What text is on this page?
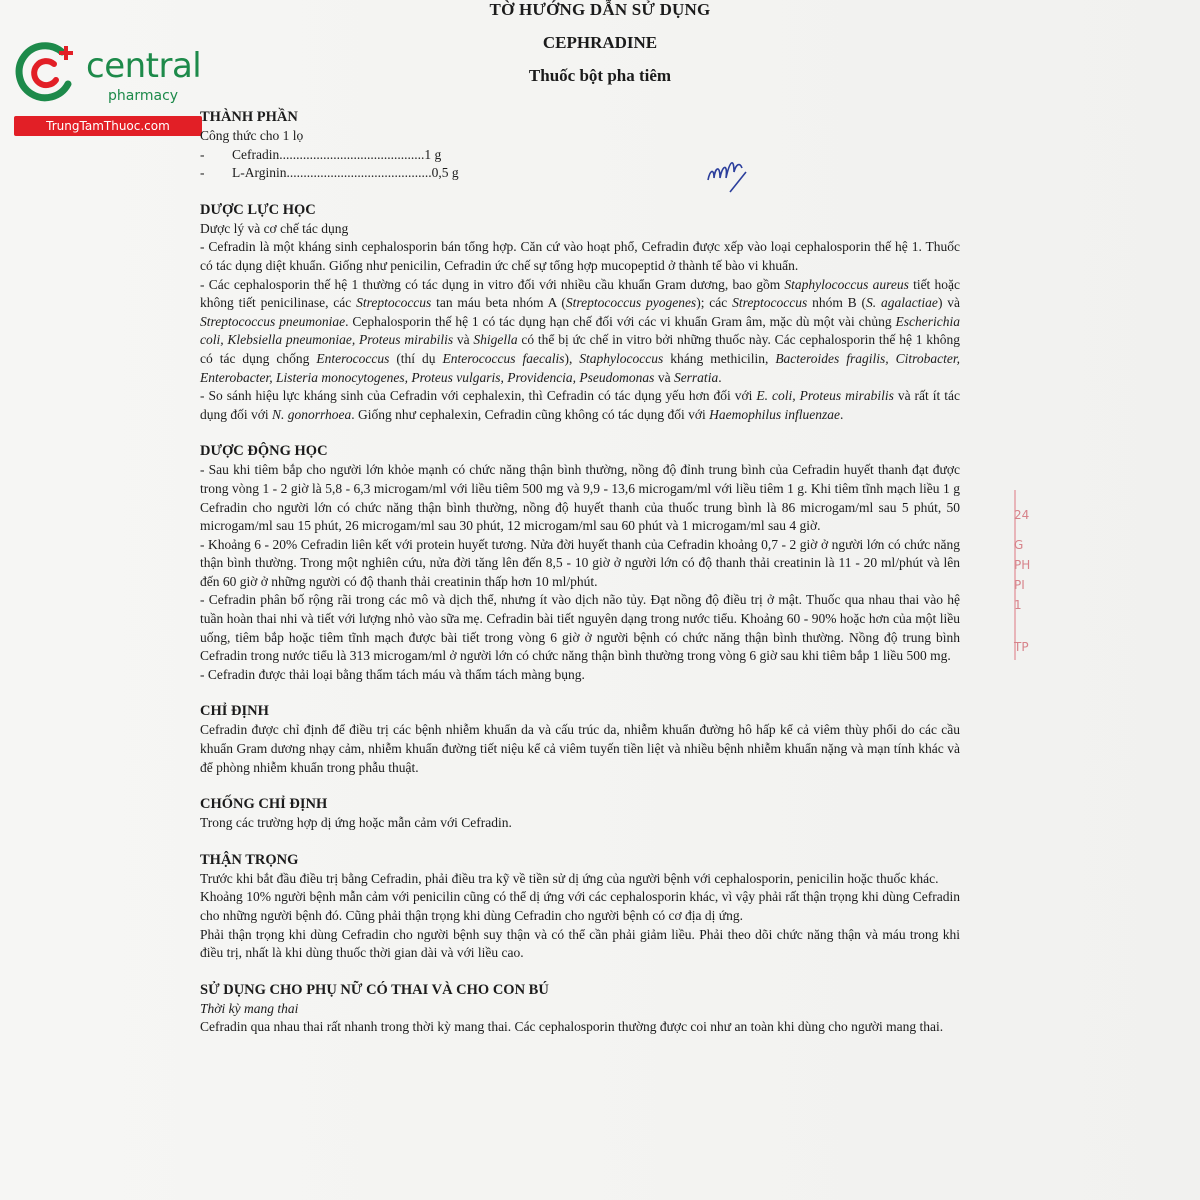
TỜ HƯỚNG DẪN SỬ DỤNG
CEPHRADINE
Thuốc bột pha tiêm
central
pharmacy
TrungTamThuoc.com
24
G
PH
PI
1
TP

THÀNH PHẦN

Công thức cho 1 lọ

-	Cefradin ........................................... 1 g
-	L-Arginin ........................................... 0,5 g

DƯỢC LỰC HỌC

Dược lý và cơ chế tác dụng

- Cefradin là một kháng sinh cephalosporin bán tổng hợp. Căn cứ vào hoạt phổ, Cefradin được xếp vào loại cephalosporin thế hệ 1. Thuốc có tác dụng diệt khuẩn. Giống như penicilin, Cefradin ức chế sự tổng hợp mucopeptid ở thành tế bào vi khuẩn.

- Các cephalosporin thế hệ 1 thường có tác dụng in vitro đối với nhiều cầu khuẩn Gram dương, bao gồm Staphylococcus aureus tiết hoặc không tiết penicilinase, các Streptococcus tan máu beta nhóm A (Streptococcus pyogenes); các Streptococcus nhóm B (S. agalactiae) và Streptococcus pneumoniae. Cephalosporin thế hệ 1 có tác dụng hạn chế đối với các vi khuẩn Gram âm, mặc dù một vài chủng Escherichia coli, Klebsiella pneumoniae, Proteus mirabilis và Shigella có thể bị ức chế in vitro bởi những thuốc này. Các cephalosporin thế hệ 1 không có tác dụng chống Enterococcus (thí dụ Enterococcus faecalis), Staphylococcus kháng methicilin, Bacteroides fragilis, Citrobacter, Enterobacter, Listeria monocytogenes, Proteus vulgaris, Providencia, Pseudomonas và Serratia.

- So sánh hiệu lực kháng sinh của Cefradin với cephalexin, thì Cefradin có tác dụng yếu hơn đối với E. coli, Proteus mirabilis và rất ít tác dụng đối với N. gonorrhoea. Giống như cephalexin, Cefradin cũng không có tác dụng đối với Haemophilus influenzae.

DƯỢC ĐỘNG HỌC

- Sau khi tiêm bắp cho người lớn khỏe mạnh có chức năng thận bình thường, nồng độ đỉnh trung bình của Cefradin huyết thanh đạt được trong vòng 1 - 2 giờ là 5,8 - 6,3 microgam/ml với liều tiêm 500 mg và 9,9 - 13,6 microgam/ml với liều tiêm 1 g. Khi tiêm tĩnh mạch liều 1 g Cefradin cho người lớn có chức năng thận bình thường, nồng độ huyết thanh của thuốc trung bình là 86 microgam/ml sau 5 phút, 50 microgam/ml sau 15 phút, 26 microgam/ml sau 30 phút, 12 microgam/ml sau 60 phút và 1 microgam/ml sau 4 giờ.

- Khoảng 6 - 20% Cefradin liên kết với protein huyết tương. Nửa đời huyết thanh của Cefradin khoảng 0,7 - 2 giờ ở người lớn có chức năng thận bình thường. Trong một nghiên cứu, nửa đời tăng lên đến 8,5 - 10 giờ ở người lớn có độ thanh thải creatinin là 11 - 20 ml/phút và lên đến 60 giờ ở những người có độ thanh thải creatinin thấp hơn 10 ml/phút.

- Cefradin phân bố rộng rãi trong các mô và dịch thể, nhưng ít vào dịch não tủy. Đạt nồng độ điều trị ở mật. Thuốc qua nhau thai vào hệ tuần hoàn thai nhi và tiết với lượng nhỏ vào sữa mẹ. Cefradin bài tiết nguyên dạng trong nước tiểu. Khoảng 60 - 90% hoặc hơn của một liều uống, tiêm bắp hoặc tiêm tĩnh mạch được bài tiết trong vòng 6 giờ ở người bệnh có chức năng thận bình thường. Nồng độ trung bình Cefradin trong nước tiểu là 313 microgam/ml ở người lớn có chức năng thận bình thường trong vòng 6 giờ sau khi tiêm bắp 1 liều 500 mg.

- Cefradin được thải loại bằng thẩm tách máu và thẩm tách màng bụng.

CHỈ ĐỊNH

Cefradin được chỉ định để điều trị các bệnh nhiễm khuẩn da và cấu trúc da, nhiễm khuẩn đường hô hấp kể cả viêm thùy phổi do các cầu khuẩn Gram dương nhạy cảm, nhiễm khuẩn đường tiết niệu kể cả viêm tuyến tiền liệt và nhiều bệnh nhiễm khuẩn nặng và mạn tính khác và để phòng nhiễm khuẩn trong phẫu thuật.

CHỐNG CHỈ ĐỊNH

Trong các trường hợp dị ứng hoặc mẫn cảm với Cefradin.

THẬN TRỌNG

Trước khi bắt đầu điều trị bằng Cefradin, phải điều tra kỹ về tiền sử dị ứng của người bệnh với cephalosporin, penicilin hoặc thuốc khác.

Khoảng 10% người bệnh mẫn cảm với penicilin cũng có thể dị ứng với các cephalosporin khác, vì vậy phải rất thận trọng khi dùng Cefradin cho những người bệnh đó. Cũng phải thận trọng khi dùng Cefradin cho người bệnh có cơ địa dị ứng.

Phải thận trọng khi dùng Cefradin cho người bệnh suy thận và có thể cần phải giảm liều. Phải theo dõi chức năng thận và máu trong khi điều trị, nhất là khi dùng thuốc thời gian dài và với liều cao.

SỬ DỤNG CHO PHỤ NỮ CÓ THAI VÀ CHO CON BÚ

Thời kỳ mang thai

Cefradin qua nhau thai rất nhanh trong thời kỳ mang thai. Các cephalosporin thường được coi như an toàn khi dùng cho người mang thai.
